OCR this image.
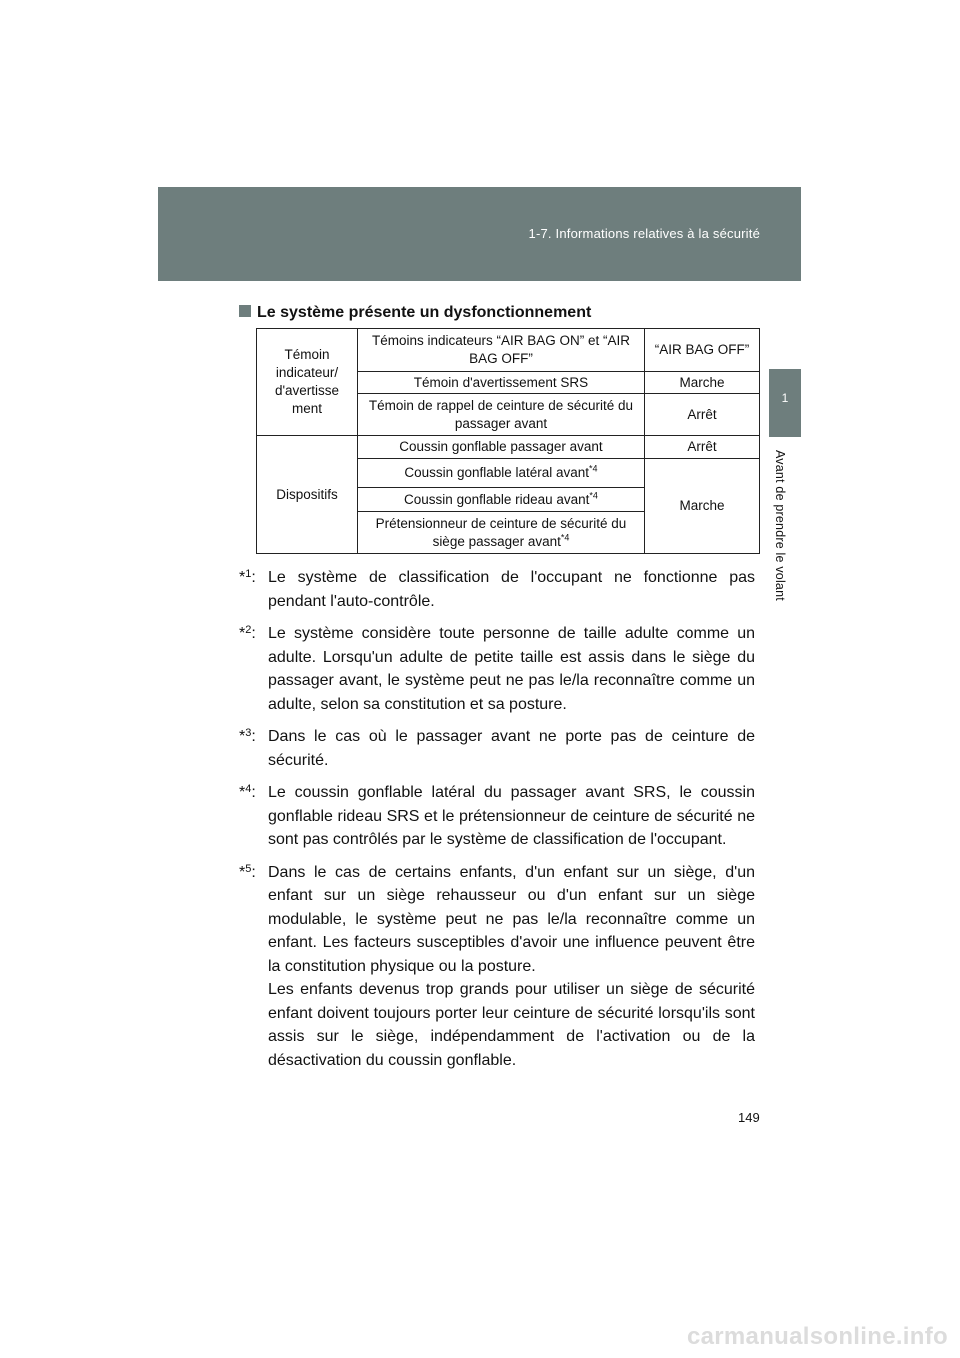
1-7. Informations relatives à la sécurité
1
Avant de prendre le volant
Le système présente un dysfonctionnement
Témoin indicateur/ d'avertisse ment	Témoins indicateurs “AIR BAG ON” et “AIR BAG OFF”	“AIR BAG OFF”
	Témoin d'avertissement SRS	Marche
	Témoin de rappel de ceinture de sécurité du passager avant	Arrêt
Dispositifs	Coussin gonflable passager avant	Arrêt
	Coussin gonflable latéral avant$^{*4}$	Marche
	Coussin gonflable rideau avant$^{*4}$
	Prétensionneur de ceinture de sécurité du siège passager avant$^{*4}$
*$^1$: Le système de classification de l'occupant ne fonctionne pas pendant l'auto-contrôle.

*$^2$: Le système considère toute personne de taille adulte comme un adulte. Lorsqu'un adulte de petite taille est assis dans le siège du passager avant, le système peut ne pas le/la reconnaître comme un adulte, selon sa constitution et sa posture.

*$^3$: Dans le cas où le passager avant ne porte pas de ceinture de sécurité.

*$^4$: Le coussin gonflable latéral du passager avant SRS, le coussin gonflable rideau SRS et le prétensionneur de ceinture de sécurité ne sont pas contrôlés par le système de classification de l'occupant.

*$^5$: Dans le cas de certains enfants, d'un enfant sur un siège, d'un enfant sur un siège rehausseur ou d'un enfant sur un siège modulable, le système peut ne pas le/la reconnaître comme un enfant. Les facteurs susceptibles d'avoir une influence peuvent être la constitution physique ou la posture.

Les enfants devenus trop grands pour utiliser un siège de sécurité enfant doivent toujours porter leur ceinture de sécurité lorsqu'ils sont assis sur le siège, indépendamment de l'activation ou de la désactivation du coussin gonflable.

149
carmanualsonline.info
